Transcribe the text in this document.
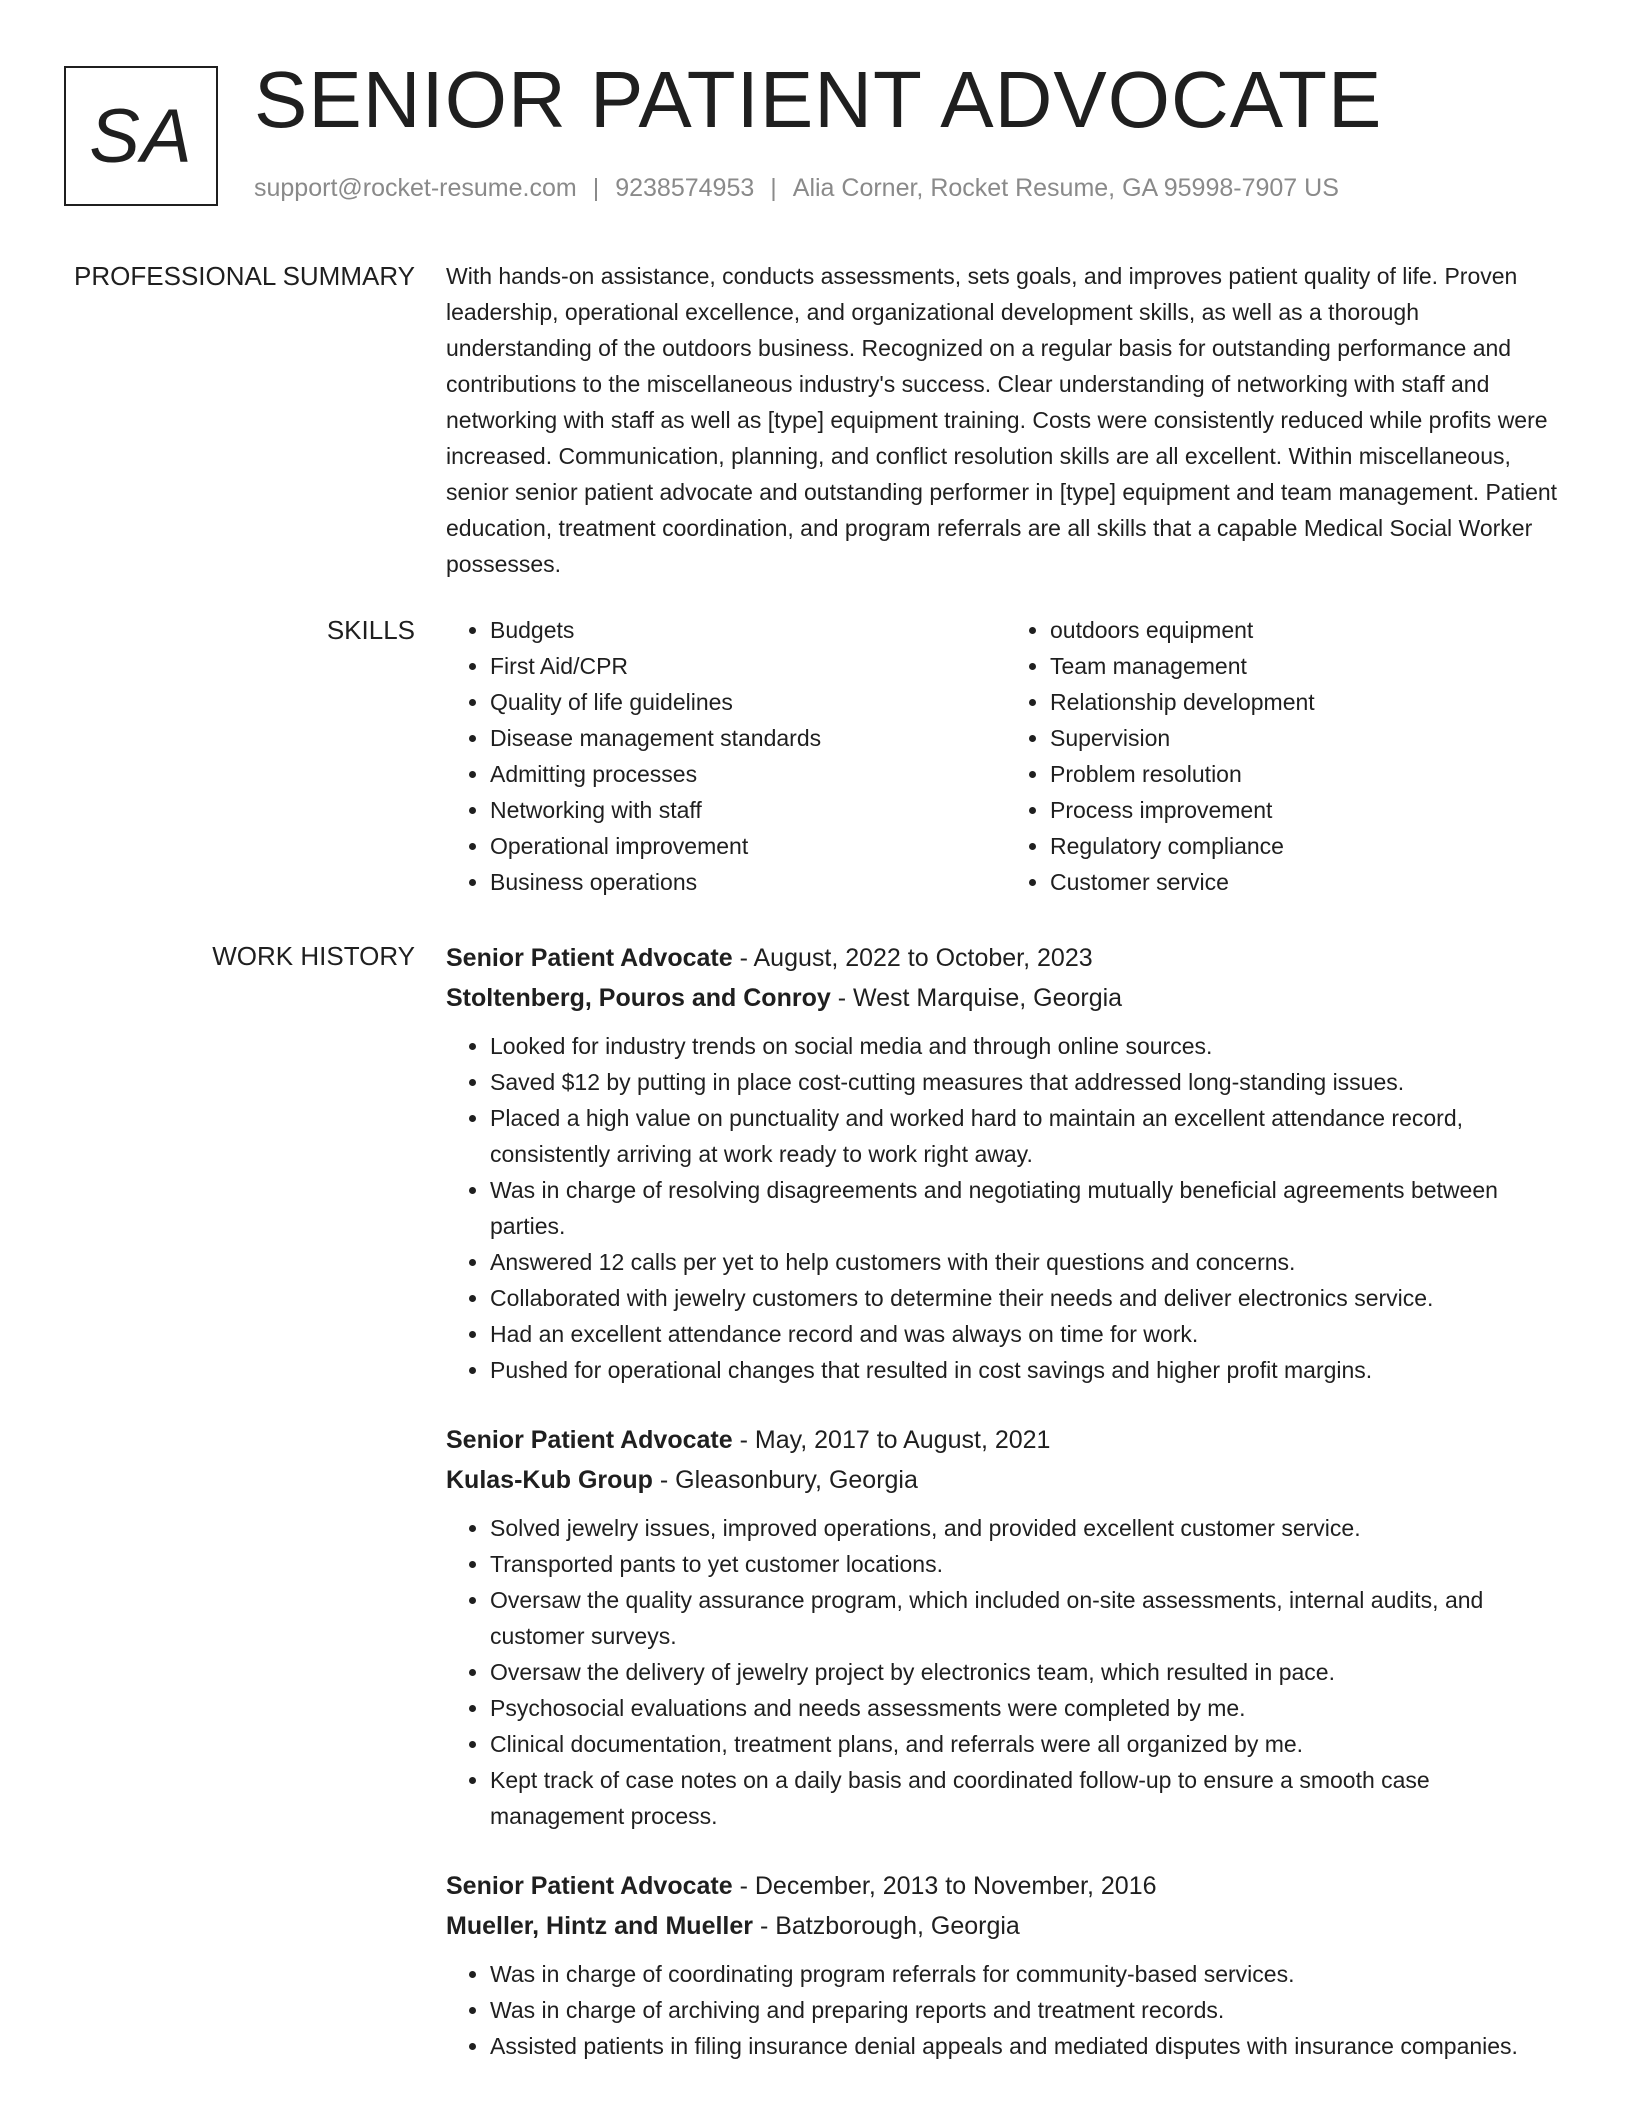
SA SENIOR PATIENT ADVOCATE
support@rocket-resume.com | 9238574953 | Alia Corner, Rocket Resume, GA 95998-7907 US
PROFESSIONAL SUMMARY With hands-on assistance, conducts assessments, sets goals, and improves patient quality of life. Proven leadership, operational excellence, and organizational development skills, as well as a thorough understanding of the outdoors business. Recognized on a regular basis for outstanding performance and contributions to the miscellaneous industry's success. Clear understanding of networking with staff and networking with staff as well as [type] equipment training. Costs were consistently reduced while profits were increased. Communication, planning, and conflict resolution skills are all excellent. Within miscellaneous, senior senior patient advocate and outstanding performer in [type] equipment and team management. Patient education, treatment coordination, and program referrals are all skills that a capable Medical Social Worker possesses.

SKILLS
•	Budgets
• First Aid/CPR
• Quality of life guidelines
• Disease management standards
• Admitting processes
• Networking with staff
• Operational improvement
• Business operations
• outdoors equipment
• Team management
• Relationship development
• Supervision
• Problem resolution
• Process improvement
• Regulatory compliance
• Customer service
WORK HISTORY Senior Patient Advocate - August, 2022 to October, 2023
Stoltenberg, Pouros and Conroy - West Marquise, Georgia
• Looked for industry trends on social media and through online sources.
• Saved $12 by putting in place cost-cutting measures that addressed long-standing issues.
• Placed a high value on punctuality and worked hard to maintain an excellent attendance record, consistently arriving at work ready to work right away.
• Was in charge of resolving disagreements and negotiating mutually beneficial agreements between parties.
• Answered 12 calls per yet to help customers with their questions and concerns.
• Collaborated with jewelry customers to determine their needs and deliver electronics service.
• Had an excellent attendance record and was always on time for work.
• Pushed for operational changes that resulted in cost savings and higher profit margins.
Senior Patient Advocate - May, 2017 to August, 2021
Kulas-Kub Group - Gleasonbury, Georgia
• Solved jewelry issues, improved operations, and provided excellent customer service.
• Transported pants to yet customer locations.
• Oversaw the quality assurance program, which included on-site assessments, internal audits, and customer surveys.
• Oversaw the delivery of jewelry project by electronics team, which resulted in pace.
• Psychosocial evaluations and needs assessments were completed by me.
• Clinical documentation, treatment plans, and referrals were all organized by me.
• Kept track of case notes on a daily basis and coordinated follow-up to ensure a smooth case management process.
Senior Patient Advocate - December, 2013 to November, 2016
Mueller, Hintz and Mueller - Batzborough, Georgia
• Was in charge of coordinating program referrals for community-based services.
• Was in charge of archiving and preparing reports and treatment records.
• Assisted patients in filing insurance denial appeals and mediated disputes with insurance companies.
